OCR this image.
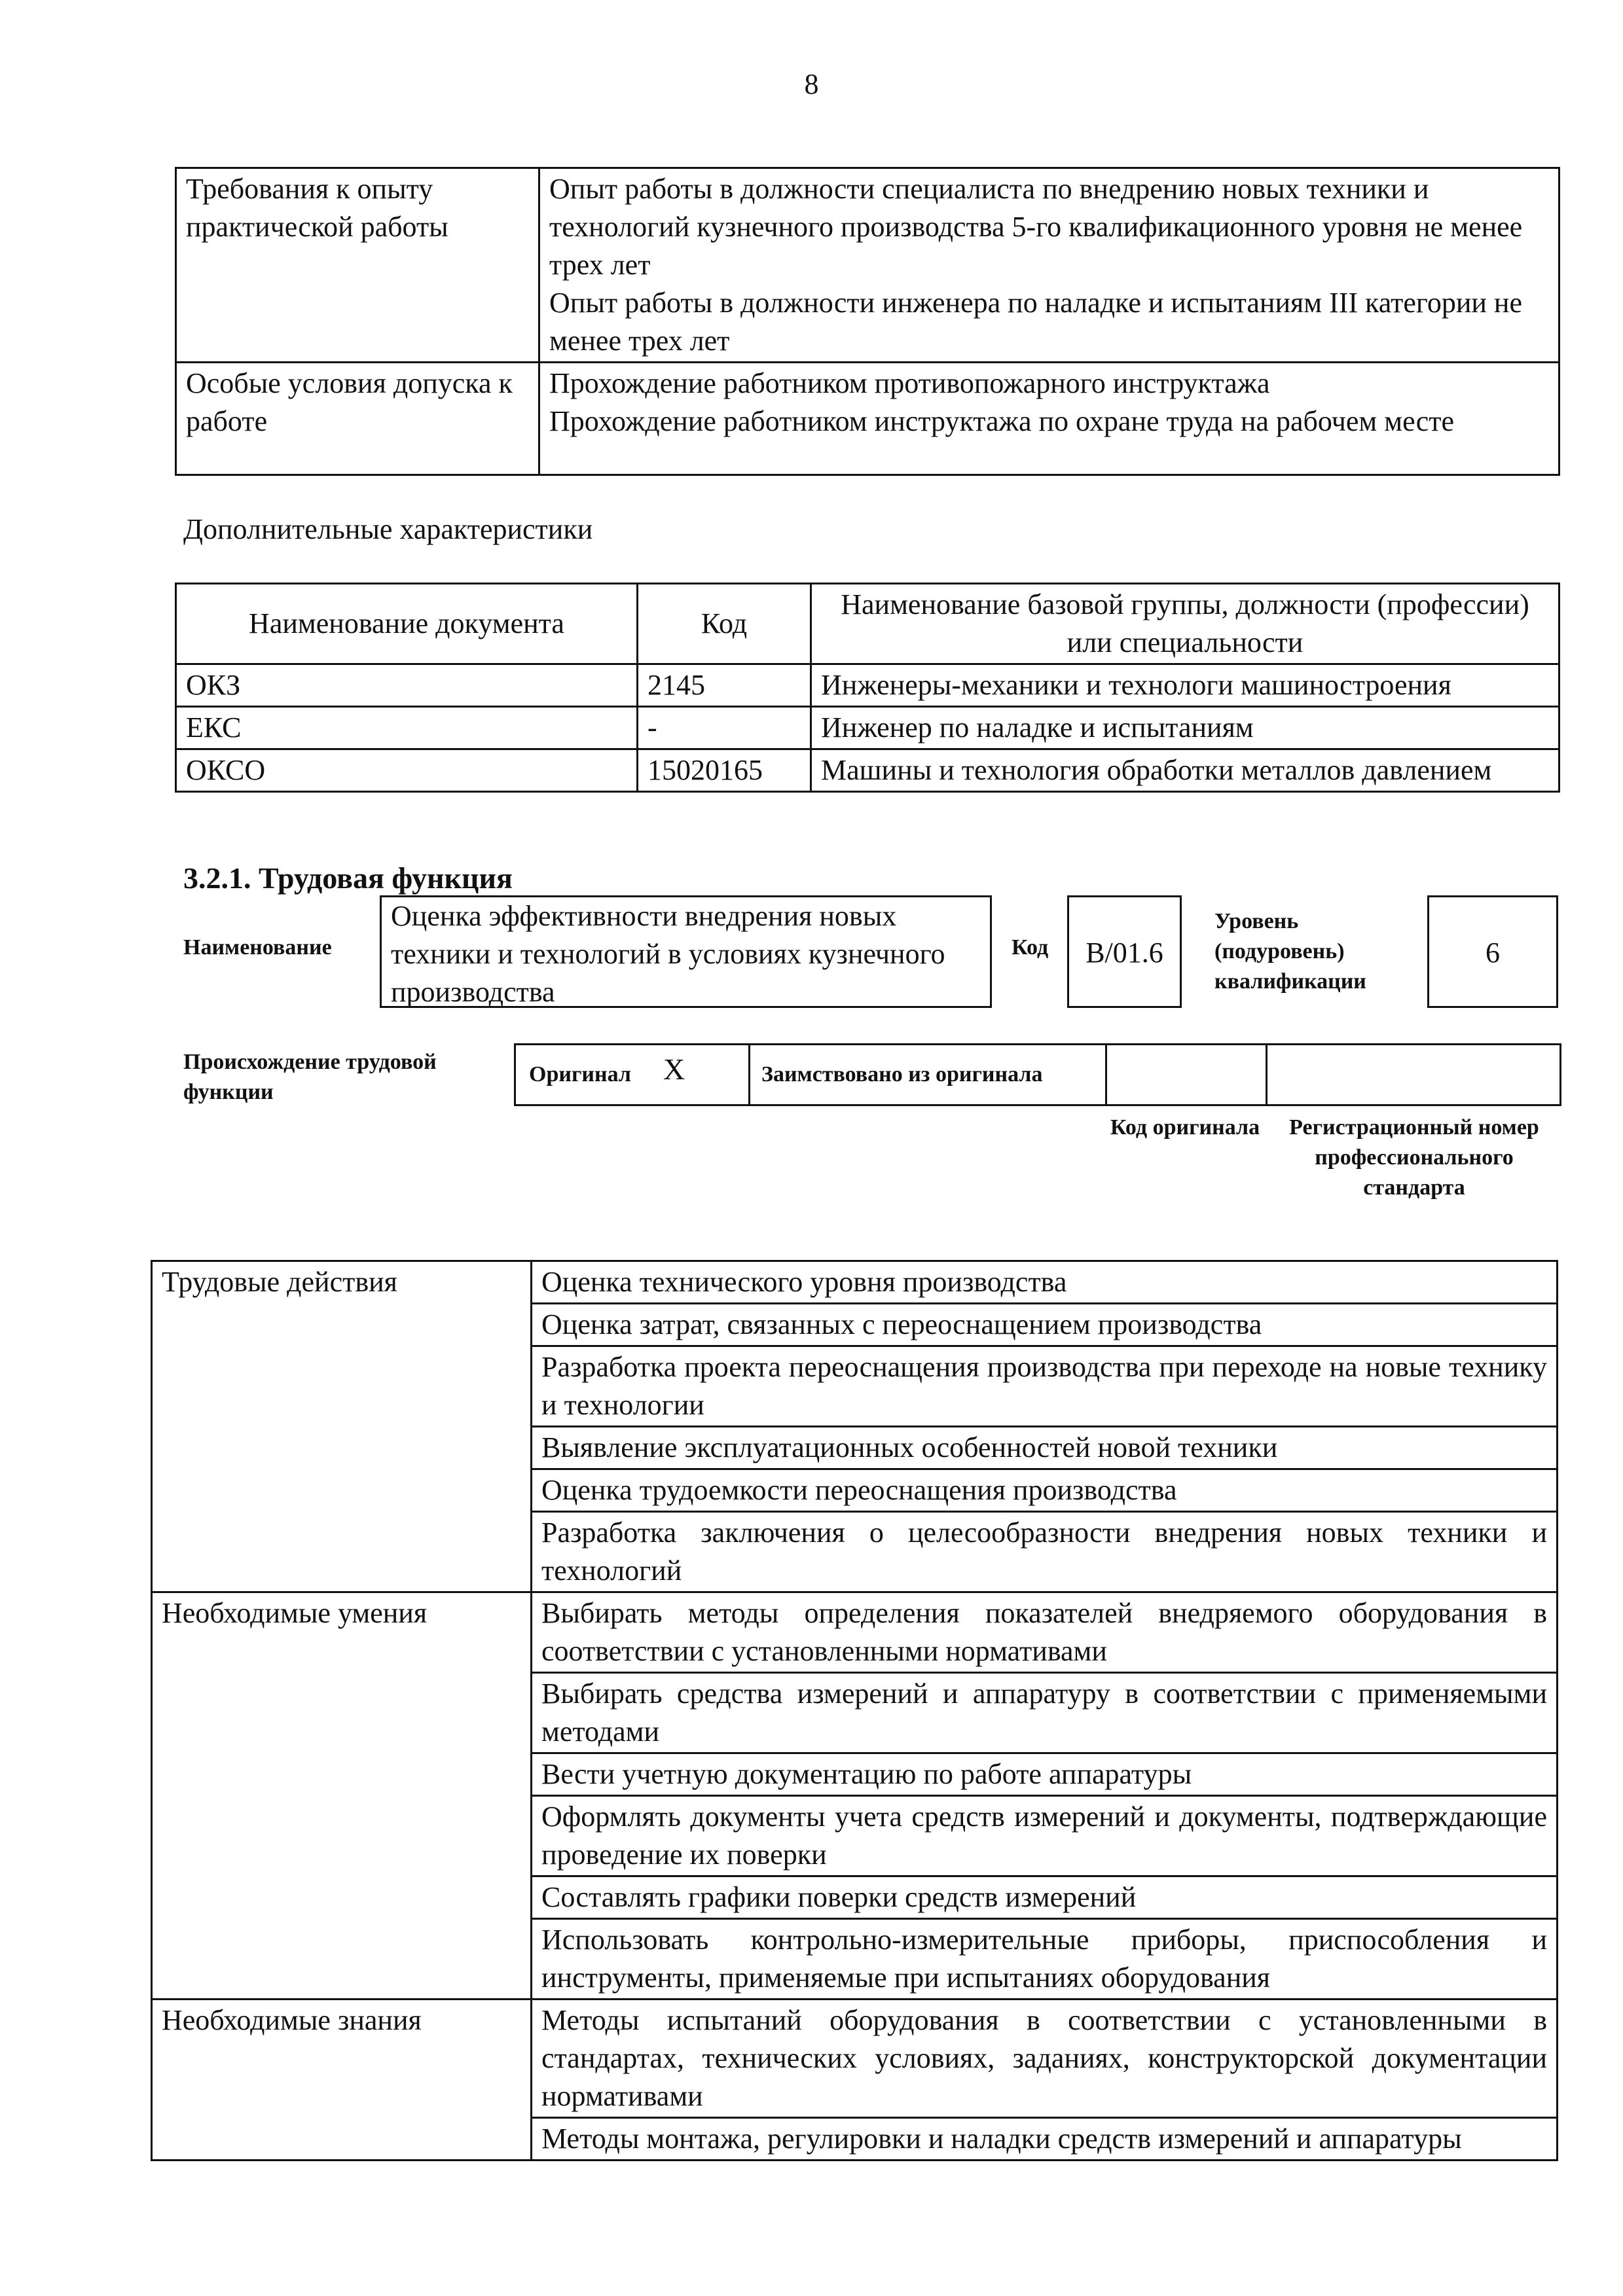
8
Требования к опыту практической работы	Опыт работы в должности специалиста по внедрению новых техники и технологий кузнечного производства 5-го квалификационного уровня не менее трех лет
Опыт работы в должности инженера по наладке и испытаниям III категории не менее трех лет

Особые условия допуска к работе	Прохождение работником противопожарного инструктажа
Прохождение работником инструктажа по охране труда на рабочем месте
Дополнительные характеристики
Наименование документа	Код	Наименование базовой группы, должности (профессии) или специальности
ОКЗ	2145	Инженеры-механики и технологи машиностроения
ЕКС	-	Инженер по наладке и испытаниям
ОКСО	15020165	Машины и технология обработки металлов давлением
3.2.1. Трудовая функция
Наименование
Оценка эффективности внедрения новых техники и технологий в условиях кузнечного производства
Код	B/01.6
Уровень (подуровень) квалификации
6
Происхождение трудовой функции
Оригинал X	Заимствовано из оригинала
Код оригинала	Регистрационный номер профессионального стандарта
Трудовые действия	Оценка технического уровня производства
	Оценка затрат, связанных с переоснащением производства
	Разработка проекта переоснащения производства при переходе на новые технику и технологии
	Выявление эксплуатационных особенностей новой техники
	Оценка трудоемкости переоснащения производства
	Разработка заключения о целесообразности внедрения новых техники и технологий
Необходимые умения	Выбирать методы определения показателей внедряемого оборудования в соответствии с установленными нормативами
	Выбирать средства измерений и аппаратуру в соответствии с применяемыми методами
	Вести учетную документацию по работе аппаратуры
	Оформлять документы учета средств измерений и документы, подтверждающие проведение их поверки
	Составлять графики поверки средств измерений
	Использовать контрольно-измерительные приборы, приспособления и инструменты, применяемые при испытаниях оборудования
Необходимые знания	Методы испытаний оборудования в соответствии с установленными в стандартах, технических условиях, заданиях, конструкторской документации нормативами
	Методы монтажа, регулировки и наладки средств измерений и аппаратуры
